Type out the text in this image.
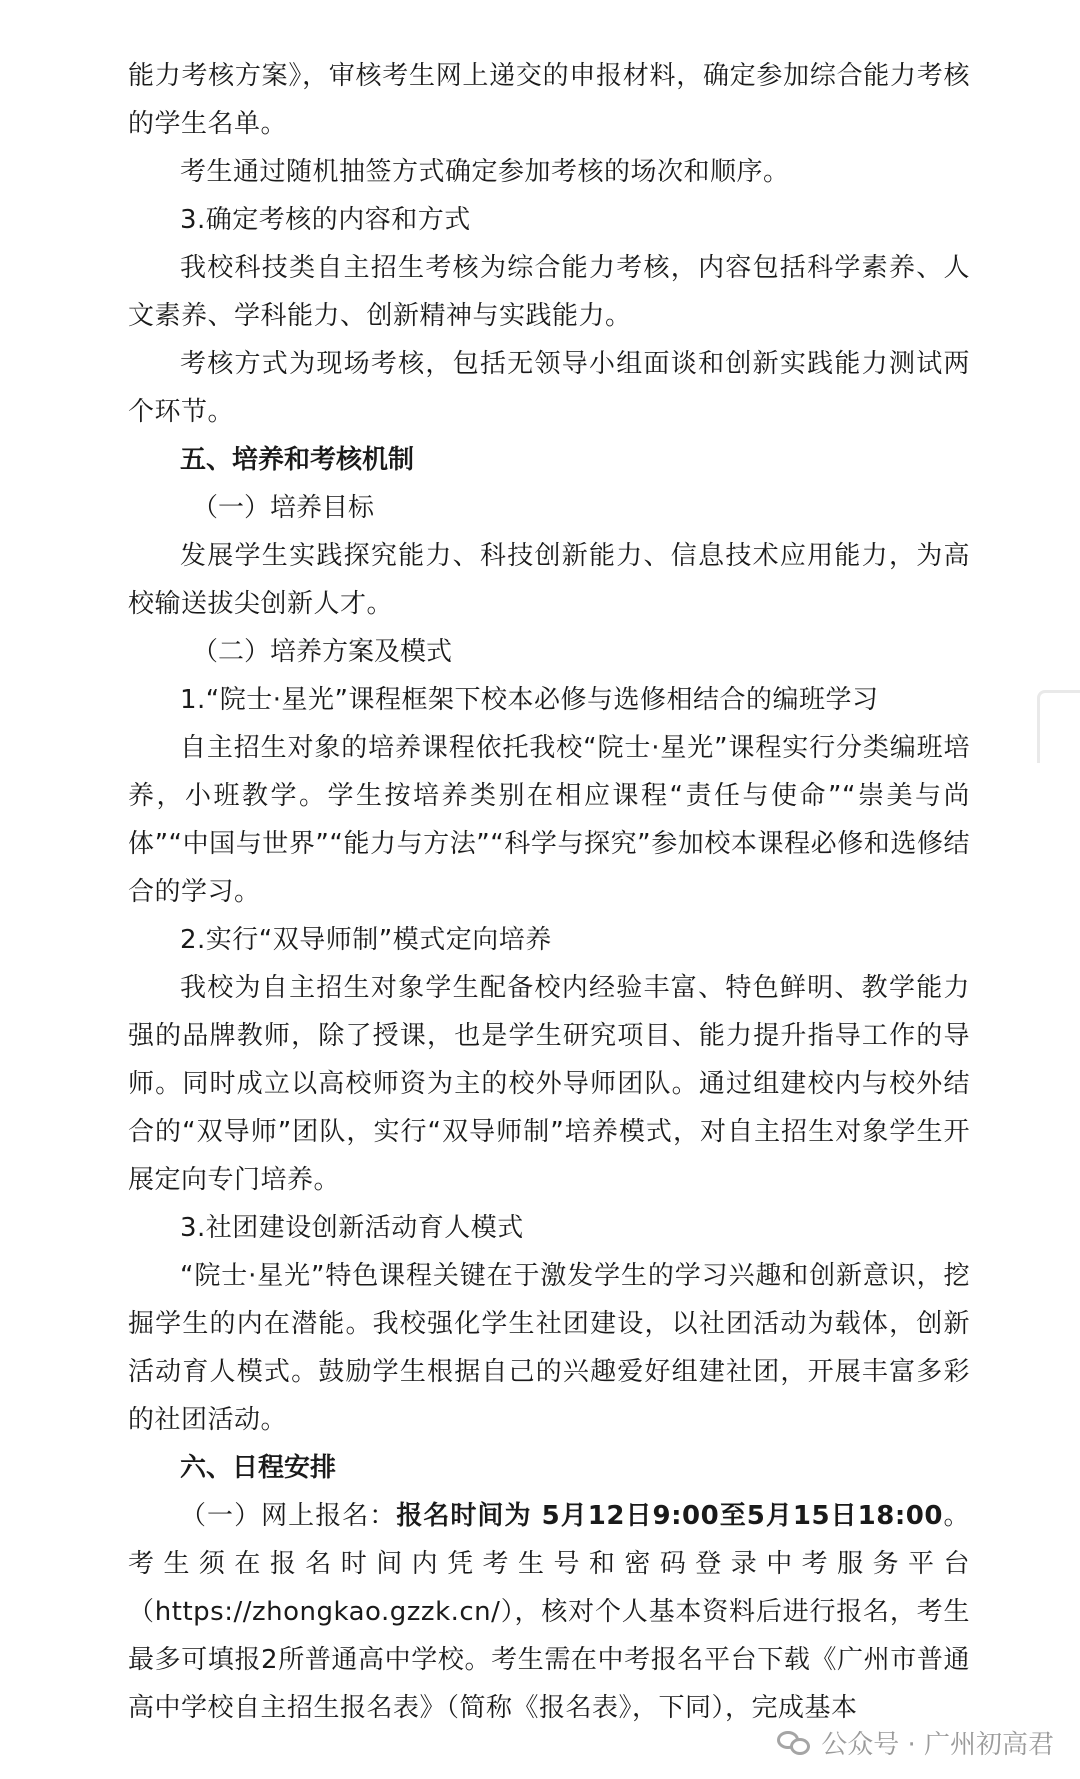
能力考核方案》，审核考生网上递交的申报材料，确定参加综合能力考核的学生名单。

考生通过随机抽签方式确定参加考核的场次和顺序。

3.确定考核的内容和方式

我校科技类自主招生考核为综合能力考核，内容包括科学素养、人文素养、学科能力、创新精神与实践能力。

考核方式为现场考核，包括无领导小组面谈和创新实践能力测试两个环节。

五、培养和考核机制

（一）培养目标

发展学生实践探究能力、科技创新能力、信息技术应用能力，为高校输送拔尖创新人才。

（二）培养方案及模式

1.“院士·星光”课程框架下校本必修与选修相结合的编班学习

自主招生对象的培养课程依托我校“院士·星光”课程实行分类编班培养，小班教学。学生按培养类别在相应课程“责任与使命”“崇美与尚体”“中国与世界”“能力与方法”“科学与探究”参加校本课程必修和选修结合的学习。

2.实行“双导师制”模式定向培养

我校为自主招生对象学生配备校内经验丰富、特色鲜明、教学能力强的品牌教师，除了授课，也是学生研究项目、能力提升指导工作的导师。同时成立以高校师资为主的校外导师团队。通过组建校内与校外结合的“双导师”团队，实行“双导师制”培养模式，对自主招生对象学生开展定向专门培养。

3.社团建设创新活动育人模式

“院士·星光”特色课程关键在于激发学生的学习兴趣和创新意识，挖掘学生的内在潜能。我校强化学生社团建设，以社团活动为载体，创新活动育人模式。鼓励学生根据自己的兴趣爱好组建社团，开展丰富多彩的社团活动。

六、日程安排

（一）网上报名：报名时间为 5月12日9:00至5月15日18:00。考生须在报名时间内凭考生号和密码登录中考服务平台（https://zhongkao.gzzk.cn/），核对个人基本资料后进行报名，考生最多可填报2所普通高中学校。考生需在中考报名平台下载《广州市普通高中学校自主招生报名表》（简称《报名表》，下同），完成基本

公众号 · 广州初高君
